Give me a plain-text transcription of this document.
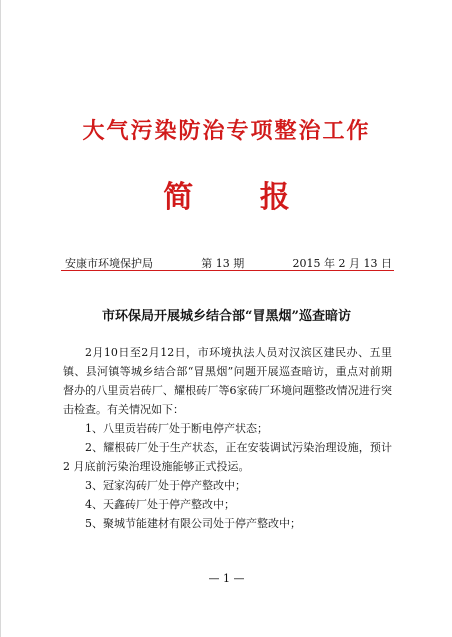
大气污染防治专项整治工作
简 报
安康市环境保护局	第 13 期	2015 年 2 月 13 日
市环保局开展城乡结合部“冒黑烟”巡查暗访

2月10日至2月12日，市环境执法人员对汉滨区建民办、五里镇、县河镇等城乡结合部“冒黑烟”问题开展巡查暗访，重点对前期督办的八里贡岩砖厂、耀根砖厂等6家砖厂环境问题整改情况进行突击检查。有关情况如下：

1、八里贡岩砖厂处于断电停产状态；

2、耀根砖厂处于生产状态，正在安装调试污染治理设施，预计 2 月底前污染治理设施能够正式投运。

3、冠家沟砖厂处于停产整改中；

4、天鑫砖厂处于停产整改中；

5、聚城节能建材有限公司处于停产整改中；

— 1 —
